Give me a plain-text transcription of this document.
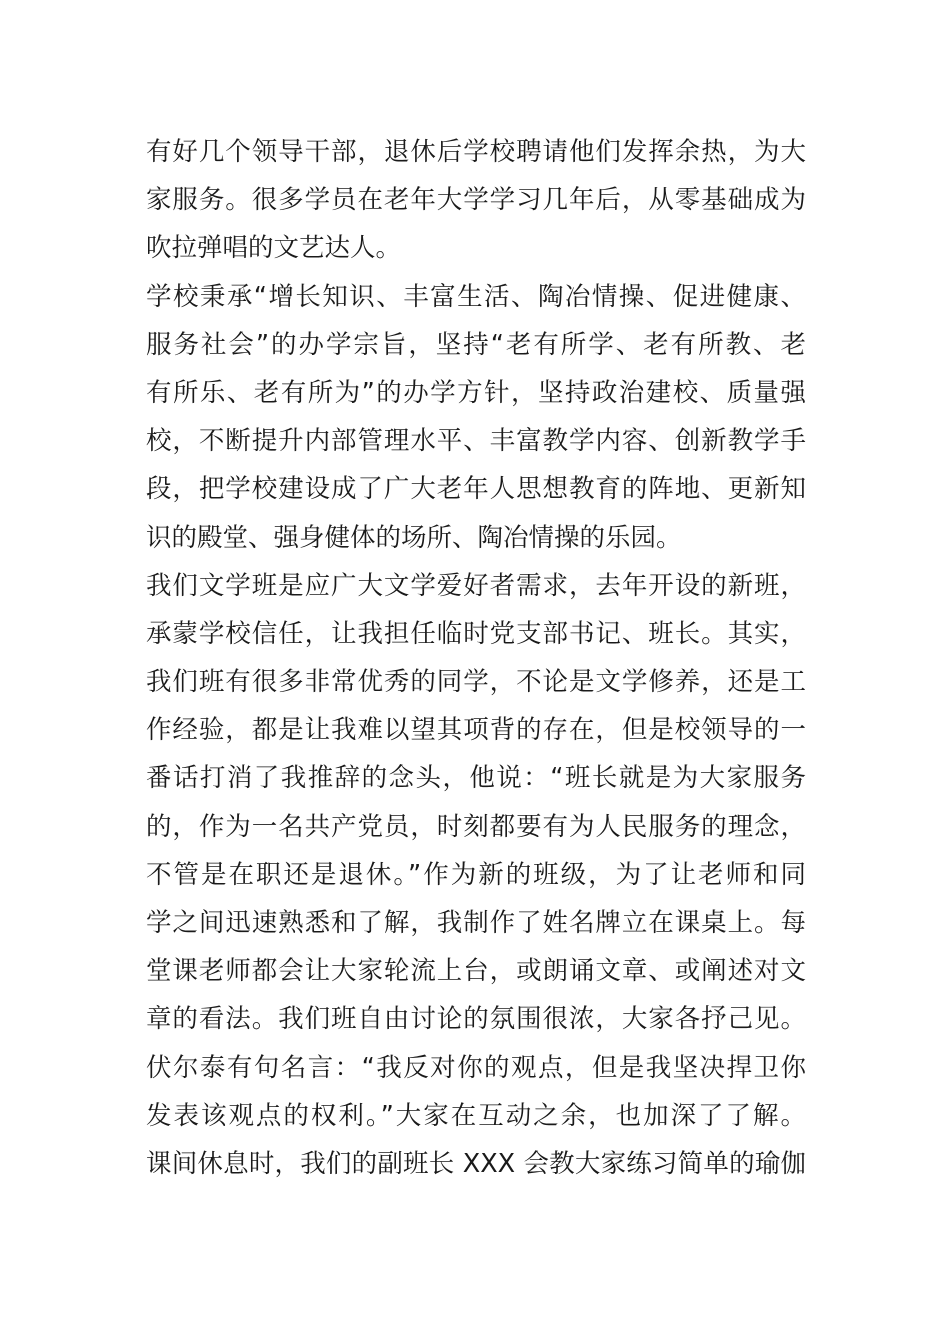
有好几个领导干部，退休后学校聘请他们发挥余热，为大
家服务。很多学员在老年大学学习几年后，从零基础成为
吹拉弹唱的文艺达人。
学校秉承“增长知识、丰富生活、陶冶情操、促进健康、
服务社会”的办学宗旨，坚持“老有所学、老有所教、老
有所乐、老有所为”的办学方针，坚持政治建校、质量强
校，不断提升内部管理水平、丰富教学内容、创新教学手
段，把学校建设成了广大老年人思想教育的阵地、更新知
识的殿堂、强身健体的场所、陶冶情操的乐园。
我们文学班是应广大文学爱好者需求，去年开设的新班，
承蒙学校信任，让我担任临时党支部书记、班长。其实，
我们班有很多非常优秀的同学，不论是文学修养，还是工
作经验，都是让我难以望其项背的存在，但是校领导的一
番话打消了我推辞的念头，他说：“班长就是为大家服务
的，作为一名共产党员，时刻都要有为人民服务的理念，
不管是在职还是退休。”作为新的班级，为了让老师和同
学之间迅速熟悉和了解，我制作了姓名牌立在课桌上。每
堂课老师都会让大家轮流上台，或朗诵文章、或阐述对文
章的看法。我们班自由讨论的氛围很浓，大家各抒己见。
伏尔泰有句名言：“我反对你的观点，但是我坚决捍卫你
发表该观点的权利。”大家在互动之余，也加深了了解。
课间休息时，我们的副班长 XXX 会教大家练习简单的瑜伽
